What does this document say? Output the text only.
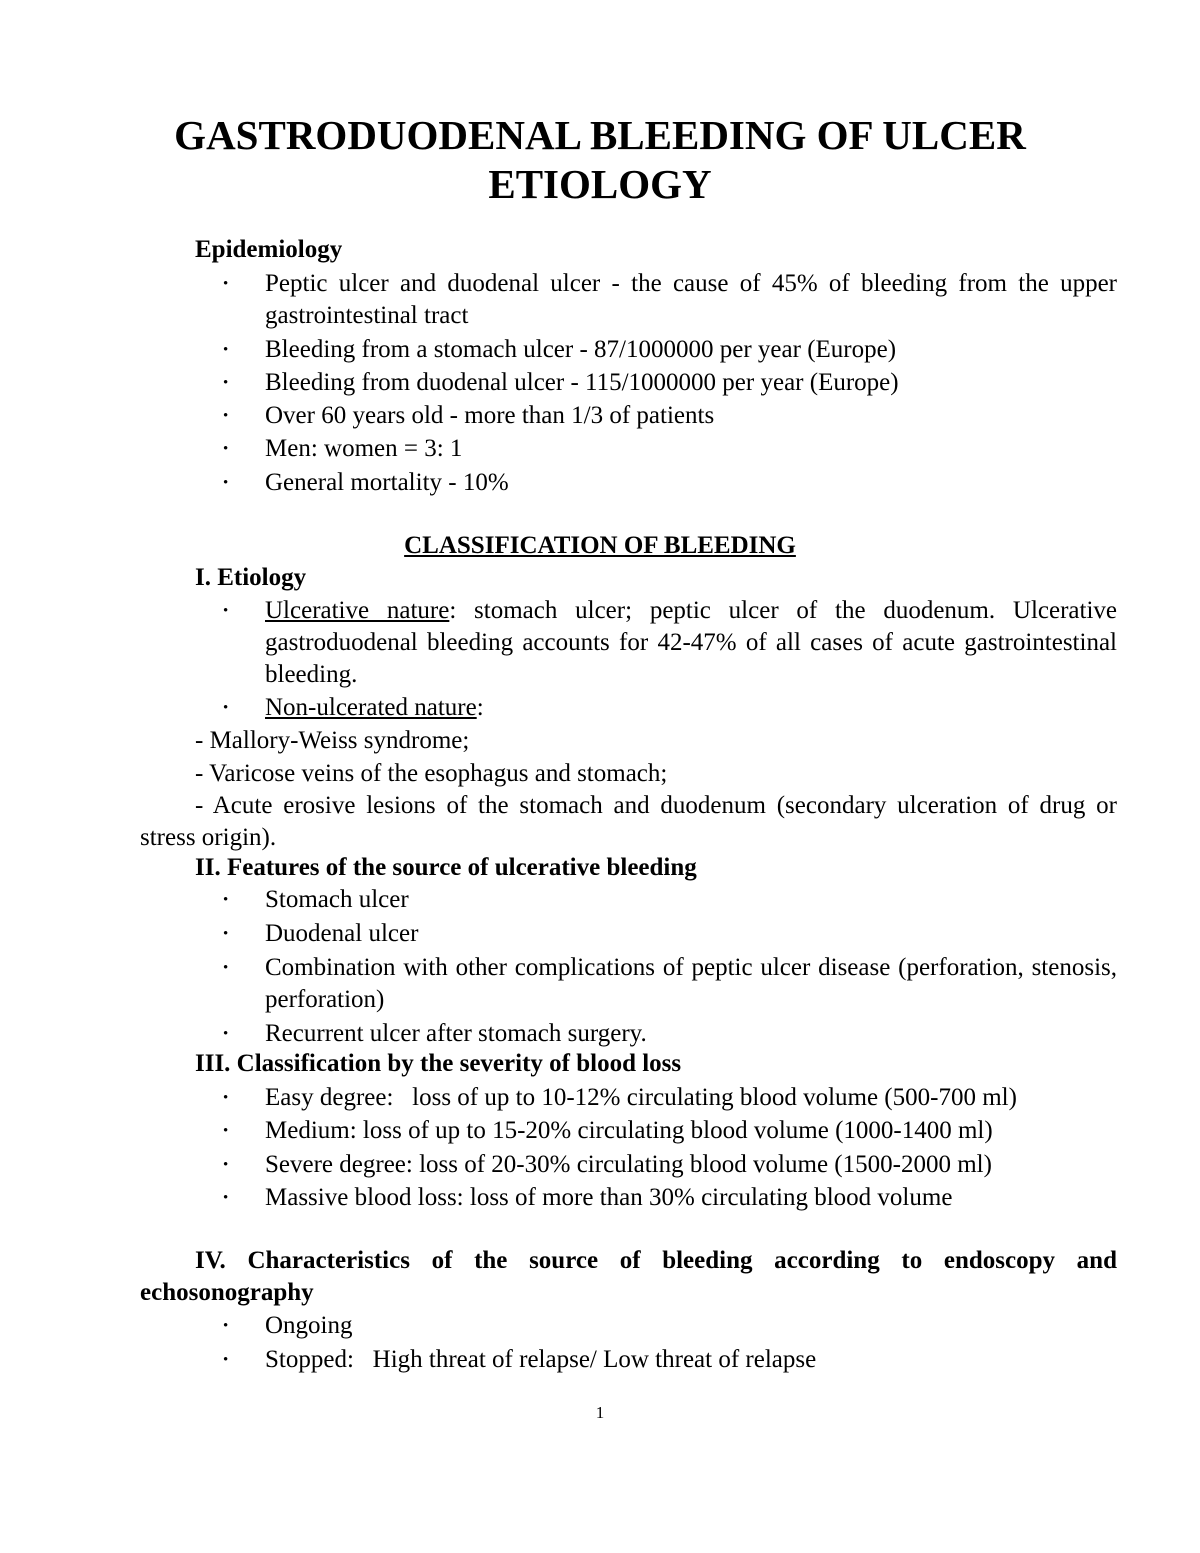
GASTRODUODENAL BLEEDING OF ULCER
ETIOLOGY
Epidemiology
• Peptic ulcer and duodenal ulcer - the cause of 45% of bleeding from the upper gastrointestinal tract
• Bleeding from a stomach ulcer - 87/1000000 per year (Europe)
• Bleeding from duodenal ulcer - 115/1000000 per year (Europe)
• Over 60 years old - more than 1/3 of patients
• Men: women = 3: 1
• General mortality - 10%
CLASSIFICATION OF BLEEDING
I. Etiology
• Ulcerative nature: stomach ulcer; peptic ulcer of the duodenum. Ulcerative gastroduodenal bleeding accounts for 42-47% of all cases of acute gastrointestinal bleeding.
• Non-ulcerated nature:
- Mallory-Weiss syndrome;
- Varicose veins of the esophagus and stomach;
- Acute erosive lesions of the stomach and duodenum (secondary ulceration of drug or stress origin).
II. Features of the source of ulcerative bleeding
• Stomach ulcer
• Duodenal ulcer
• Combination with other complications of peptic ulcer disease (perforation, stenosis, perforation)
• Recurrent ulcer after stomach surgery.
III. Classification by the severity of blood loss
• Easy degree:   loss of up to 10-12% circulating blood volume (500-700 ml)
• Medium: loss of up to 15-20% circulating blood volume (1000-1400 ml)
• Severe degree: loss of 20-30% circulating blood volume (1500-2000 ml)
• Massive blood loss: loss of more than 30% circulating blood volume
IV. Characteristics of the source of bleeding according to endoscopy and echosonography
• Ongoing
• Stopped:   High threat of relapse/ Low threat of relapse
1
